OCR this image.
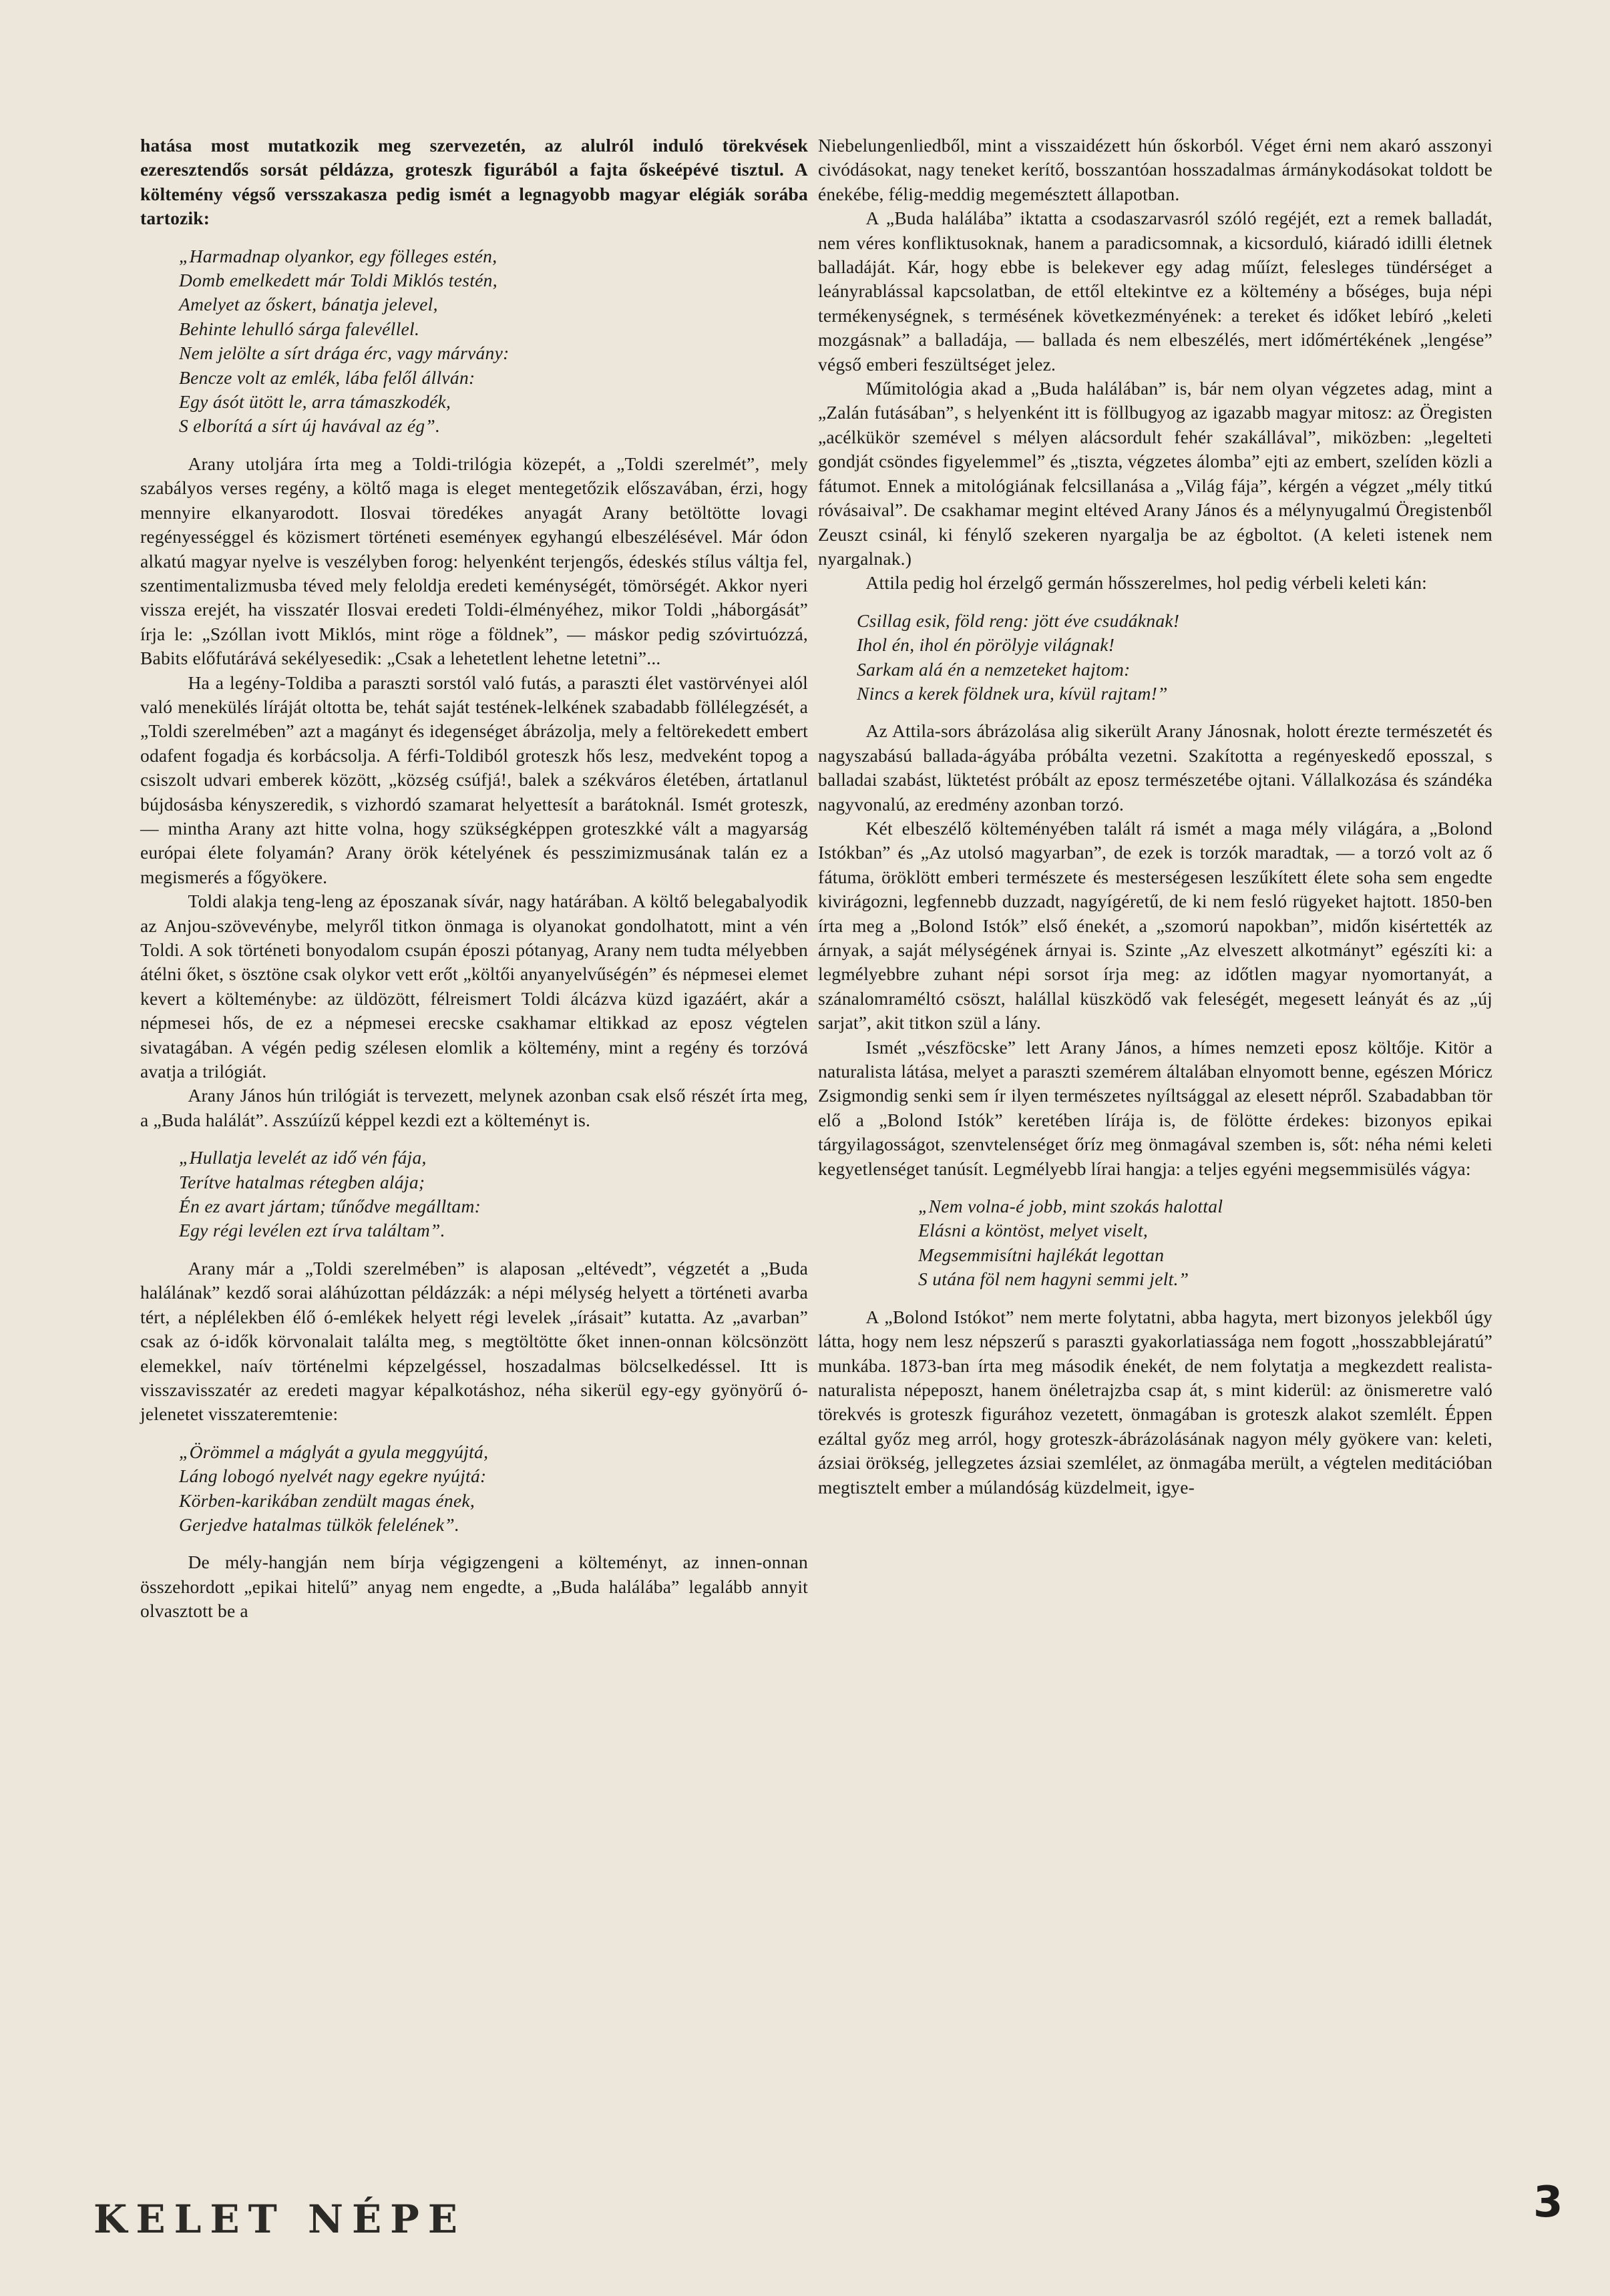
hatása most mutatkozik meg szervezetén, az alulról induló törekvések ezeresztendős sorsát példázza, groteszk figurából a fajta őskeépévé tisztul. A költemény végső versszakasza pedig ismét a legnagyobb magyar elégiák sorába tartozik:

„Harmadnap olyankor, egy fölleges estén,
Domb emelkedett már Toldi Miklós testén,
Amelyet az őskert, bánatja jelevel,
Behinte lehulló sárga falevéllel.
Nem jelölte a sírt drága érc, vagy márvány:
Bencze volt az emlék, lába felől állván:
Egy ásót ütött le, arra támaszkodék,
S elborítá a sírt új havával az ég”.

Arany utoljára írta meg a Toldi-trilógia közepét, a „Toldi szerelmét”, mely szabályos verses regény, a költő maga is eleget mentegetőzik előszavában, érzi, hogy mennyire elkanyarodott. Ilosvai töredékes anyagát Arany betöltötte lovagi regényességgel és közismert történeti eseményeк egyhangú elbeszélésével. Már ódon alkatú magyar nyelve is veszélyben forog: helyenként terjengős, édeskés stílus váltja fel, szentimentalizmusba téved mely feloldja eredeti keménységét, tömörségét. Akkor nyeri vissza erejét, ha visszatér Ilosvai eredeti Toldi-élményéhez, mikor Toldi „háborgását” írja le: „Szóllan ivott Miklós, mint röge a földnek”, — máskor pedig szóvirtuózzá, Babits előfutárává sekélyesedik: „Csak a lehetetlent lehetne letetni”...

Ha a legény-Toldiba a paraszti sorstól való futás, a paraszti élet vastörvényei alól való menekülés líráját oltotta be, tehát saját testének-lelkének szabadabb föllélegzését, a „Toldi szerelmében” azt a magányt és idegenséget ábrázolja, mely a feltörekedett embert odafent fogadja és korbácsolja. A férfi-Toldiból groteszk hős lesz, medveként topog a csiszolt udvari emberek között, „község csúfjá!, balek a székváros életében, ártatlanul bújdosásba kényszeredik, s vizhordó szamarat helyettesít a barátoknál. Ismét groteszk, — mintha Arany azt hitte volna, hogy szükségképpen groteszkké vált a magyarság európai élete folyamán? Arany örök kételyének és pesszimizmusának talán ez a megismerés a főgyökere.

Toldi alakja teng-leng az époszanak sívár, nagy határában. A költő belegabalyodik az Anjou-szövevénybe, melyről titkon önmaga is olyanokat gondolhatott, mint a vén Toldi. A sok történeti bonyodalom csupán époszi pótanyag, Arany nem tudta mélyebben átélni őket, s ösztöne csak olykor vett erőt „költői anyanyelvűségén” és népmesei elemet kevert a költeménybe: az üldözött, félreismert Toldi álcázva küzd igazáért, akár a népmesei hős, de ez a népmesei erecske csakhamar eltikkad az eposz végtelen sivatagában. A végén pedig szélesen elomlik a költemény, mint a regény és torzóvá avatja a trilógiát.

Arany János hún trilógiát is tervezett, melynek azonban csak első részét írta meg, a „Buda halálát”. Asszúízű képpel kezdi ezt a költeményt is.

„Hullatja levelét az idő vén fája,
Terítve hatalmas rétegben alája;
Én ez avart jártam; tűnődve megálltam:
Egy régi levélen ezt írva találtam”.

Arany már a „Toldi szerelmében” is alaposan „eltévedt”, végzetét a „Buda halálának” kezdő sorai aláhúzottan példázzák: a népi mélység helyett a történeti avarba tért, a néplélekben élő ó-emlékek helyett régi levelek „írásait” kutatta. Az „avarban” csak az ó-idők körvonalait találta meg, s megtöltötte őket innen-onnan kölcsönzött elemekkel, naív történelmi képzelgéssel, hoszadalmas bölcselkedéssel. Itt is visszavisszatér az eredeti magyar képalkotáshoz, néha sikerül egy-egy gyönyörű ó-jelenetet visszateremtenie:

„Örömmel a máglyát a gyula meggyújtá,
Láng lobogó nyelvét nagy egekre nyújtá:
Körben-karikában zendült magas ének,
Gerjedve hatalmas tülkök felelének”.

De mély-hangján nem bírja végigzengeni a költeményt, az innen-onnan összehordott „epikai hitelű” anyag nem engedte, a „Buda halálába” legalább annyit olvasztott be a

Niebelungenliedből, mint a visszaidézett hún őskorból. Véget érni nem akaró asszonyi civódásokat, nagy teneket kerítő, bosszantóan hosszadalmas ármánykodásokat toldott be énekébe, félig-meddig megemésztett állapotban.

A „Buda halálába” iktatta a csodaszarvasról szóló regéjét, ezt a remek balladát, nem véres konfliktusoknak, hanem a paradicsomnak, a kicsorduló, kiáradó idilli életnek balladáját. Kár, hogy ebbe is belekever egy adag műízt, felesleges tündérséget a leányrablással kapcsolatban, de ettől eltekintve ez a költemény a bőséges, buja népi termékenységnek, s termésének következményének: a tereket és időket lebíró „keleti mozgásnak” a balladája, — ballada és nem elbeszélés, mert időmértékének „lengése” végső emberi feszültséget jelez.

Műmitológia akad a „Buda halálában” is, bár nem olyan végzetes adag, mint a „Zalán futásában”, s helyenként itt is föllbugyog az igazabb magyar mitosz: az Öregisten „acélkükör szemével s mélyen alácsordult fehér szakállával”, miközben: „legelteti gondját csöndes figyelemmel” és „tiszta, végzetes álomba” ejti az embert, szelíden közli a fátumot. Ennek a mitológiának felcsillanása a „Világ fája”, kérgén a végzet „mély titkú róvásaival”. De csakhamar megint eltéved Arany János és a mélynyugalmú Öregistenből Zeuszt csinál, ki fénylő szekeren nyargalja be az égboltot. (A keleti istenek nem nyargalnak.)

Attila pedig hol érzelgő germán hősszerelmes, hol pedig vérbeli keleti kán:

Csillag esik, föld reng: jött éve csudáknak!
Ihol én, ihol én pörölyje világnak!
Sarkam alá én a nemzeteket hajtom:
Nincs a kerek földnek ura, kívül rajtam!”

Az Attila-sors ábrázolása alig sikerült Arany Jánosnak, holott érezte természetét és nagyszabású ballada-ágyába próbálta vezetni. Szakította a regényeskedő eposszal, s balladai szabást, lüktetést próbált az eposz természetébe ojtani. Vállalkozása és szándéka nagyvonalú, az eredmény azonban torzó.

Két elbeszélő költeményében talált rá ismét a maga mély világára, a „Bolond Istókban” és „Az utolsó magyarban”, de ezek is torzók maradtak, — a torzó volt az ő fátuma, öröklött emberi természete és mesterségesen leszűkített élete soha sem engedte kivirágozni, legfennebb duzzadt, nagyígéretű, de ki nem fesló rügyeket hajtott. 1850-ben írta meg a „Bolond Istók” első énekét, a „szomorú napokban”, midőn kisértették az árnyak, a saját mélységének árnyai is. Szinte „Az elveszett alkotmányt” egészíti ki: a legmélyebbre zuhant népi sorsot írja meg: az időtlen magyar nyomortanyát, a szánalomraméltó csöszt, halállal küszködő vak feleségét, megesett leányát és az „új sarjat”, akit titkon szül a lány.

Ismét „vészföcske” lett Arany János, a hímes nemzeti eposz költője. Kitör a naturalista látása, melyet a paraszti szemérem általában elnyomott benne, egészen Móricz Zsigmondig senki sem ír ilyen természetes nyíltsággal az elesett népről. Szabadabban tör elő a „Bolond Istók” keretében lírája is, de fölötte érdekes: bizonyos epikai tárgyilagosságot, szenvtelenséget őríz meg önmagával szemben is, sőt: néha némi keleti kegyetlenséget tanúsít. Legmélyebb lírai hangja: a teljes egyéni megsemmisülés vágya:

„Nem volna-é jobb, mint szokás halottal
Elásni a köntöst, melyet viselt,
Megsemmisítni hajlékát legottan
S utána föl nem hagyni semmi jelt.”

A „Bolond Istókot” nem merte folytatni, abba hagyta, mert bizonyos jelekből úgy látta, hogy nem lesz népszerű s paraszti gyakorlatiassága nem fogott „hosszabblejáratú” munkába. 1873-ban írta meg második énekét, de nem folytatja a megkezdett realista-naturalista népeposzt, hanem önéletrajzba csap át, s mint kiderül: az önismeretre való törekvés is groteszk figurához vezetett, önmagában is groteszk alakot szemlélt. Éppen ezáltal győz meg arról, hogy groteszk-ábrázolásának nagyon mély gyökere van: keleti, ázsiai örökség, jellegzetes ázsiai szemlélet, az önmagába merült, a végtelen meditációban megtisztelt ember a múlandóság küzdelmeit, igye-

KELET NÉPE	3
